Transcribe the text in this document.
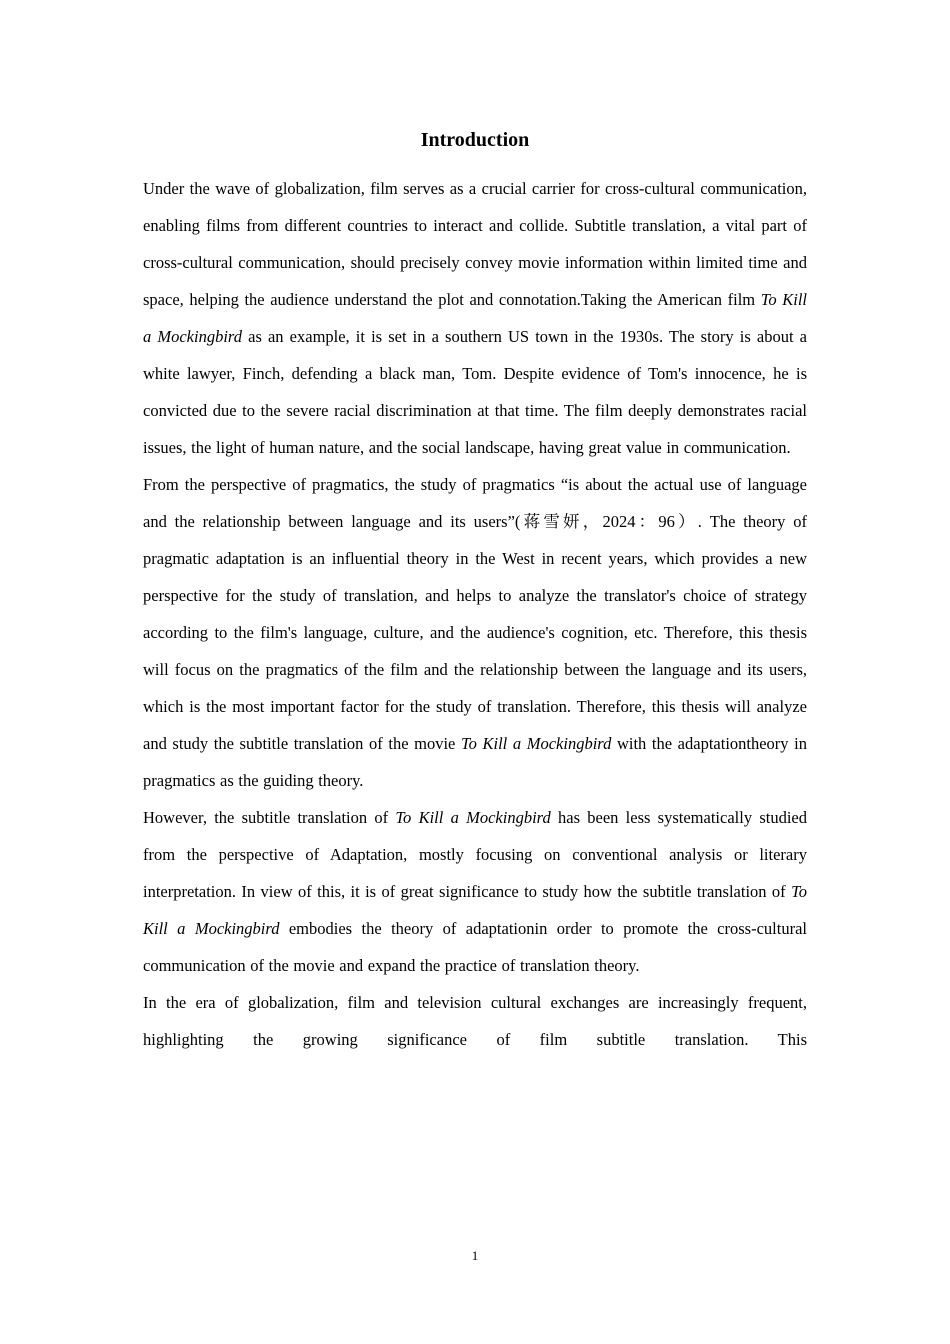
Introduction

Under the wave of globalization, film serves as a crucial carrier for cross-cultural communication, enabling films from different countries to interact and collide. Subtitle translation, a vital part of cross-cultural communication, should precisely convey movie information within limited time and space, helping the audience understand the plot and connotation.Taking the American film To Kill a Mockingbird as an example, it is set in a southern US town in the 1930s. The story is about a white lawyer, Finch, defending a black man, Tom. Despite evidence of Tom's innocence, he is convicted due to the severe racial discrimination at that time. The film deeply demonstrates racial issues, the light of human nature, and the social landscape, having great value in communication.

From the perspective of pragmatics, the study of pragmatics “is about the actual use of language and the relationship between language and its users”(蒋雪妍，2024：96）. The theory of pragmatic adaptation is an influential theory in the West in recent years, which provides a new perspective for the study of translation, and helps to analyze the translator's choice of strategy according to the film's language, culture, and the audience's cognition, etc. Therefore, this thesis will focus on the pragmatics of the film and the relationship between the language and its users, which is the most important factor for the study of translation. Therefore, this thesis will analyze and study the subtitle translation of the movie To Kill a Mockingbird with the adaptationtheory in pragmatics as the guiding theory.

However, the subtitle translation of To Kill a Mockingbird has been less systematically studied from the perspective of Adaptation, mostly focusing on conventional analysis or literary interpretation. In view of this, it is of great significance to study how the subtitle translation of To Kill a Mockingbird embodies the theory of adaptationin order to promote the cross-cultural communication of the movie and expand the practice of translation theory.

In the era of globalization, film and television cultural exchanges are increasingly frequent, highlighting the growing significance of film subtitle translation. This

1
